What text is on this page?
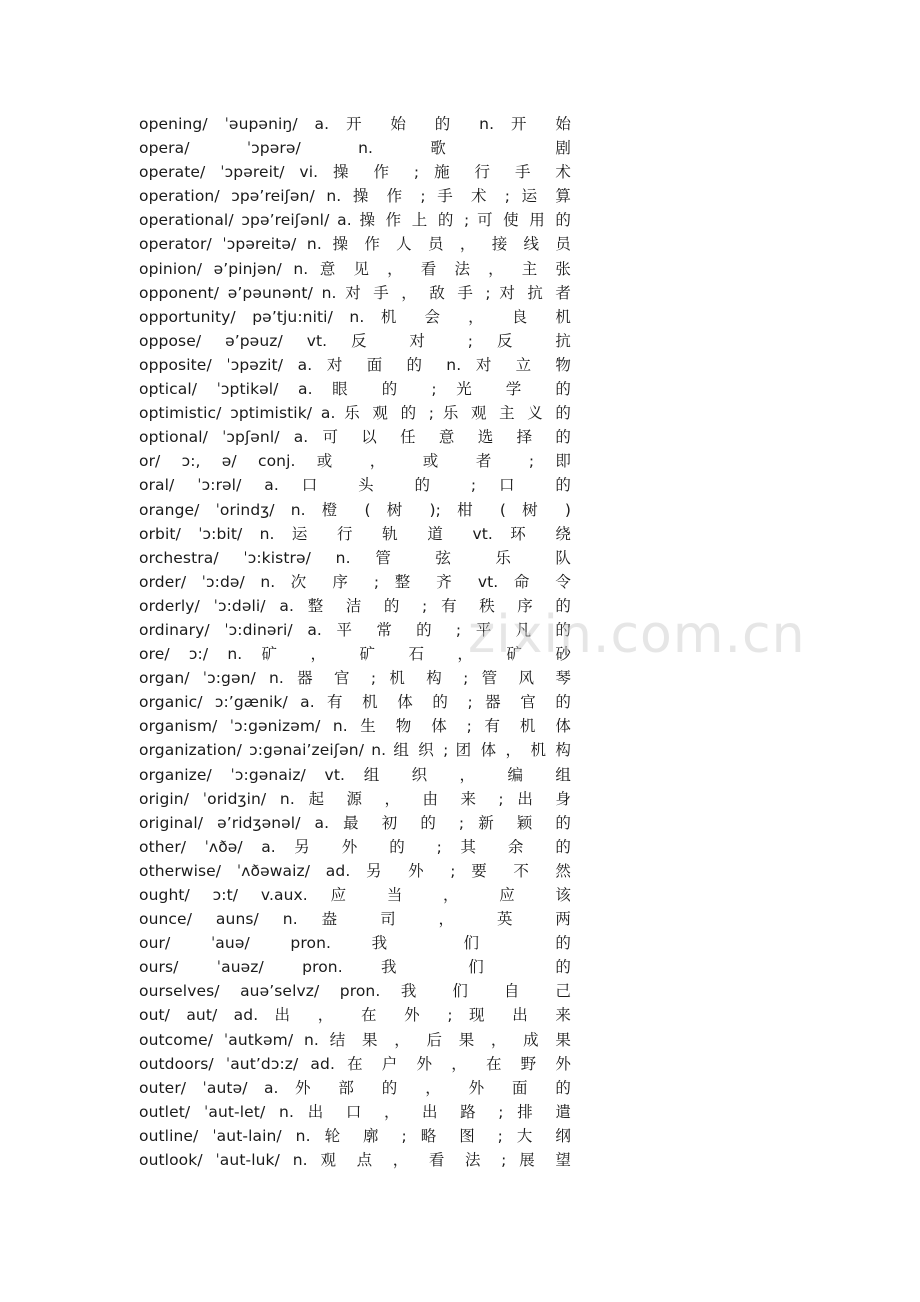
opening/ ˈəupəniŋ/ a. 开 始 的 n. 开 始
opera/ ˈɔpərə/ n. 歌 剧
operate/ ˈɔpəreit/ vi. 操 作 ; 施 行 手 术
operation/ ɔpə’reiʃən/ n. 操 作 ; 手 术 ; 运 算
operational/ ɔpə’reiʃənl/ a. 操 作 上 的 ; 可 使 用 的
operator/ ˈɔpəreitə/ n. 操 作 人 员 ， 接 线 员
opinion/ ə’pinjən/ n. 意 见 ， 看 法 ， 主 张
opponent/ ə’pəunənt/ n. 对 手 ， 敌 手 ; 对 抗 者
opportunity/ pə’tju:niti/ n. 机 会 ， 良 机
oppose/ ə’pəuz/ vt. 反 对 ; 反 抗
opposite/ ˈɔpəzit/ a. 对 面 的 n. 对 立 物
optical/ ˈɔptikəl/ a. 眼 的 ; 光 学 的
optimistic/ ɔptimistik/ a. 乐 观 的 ; 乐 观 主 义 的
optional/ ˈɔpʃənl/ a. 可 以 任 意 选 择 的
or/ ɔ:, ə/ conj. 或 ， 或 者 ; 即
oral/ ˈɔ:rəl/ a. 口 头 的 ; 口 的
orange/ ˈorindʒ/ n. 橙 ( 树 ); 柑 ( 树 )
orbit/ ˈɔ:bit/ n. 运 行 轨 道 vt. 环 绕
orchestra/ ˈɔ:kistrə/ n. 管 弦 乐 队
order/ ˈɔ:də/ n. 次 序 ; 整 齐 vt. 命 令
orderly/ ˈɔ:dəli/ a. 整 洁 的 ; 有 秩 序 的
ordinary/ ˈɔ:dinəri/ a. 平 常 的 ; 平 凡 的
ore/ ɔ:/ n. 矿 ， 矿 石 ， 矿 砂
organ/ ˈɔ:gən/ n. 器 官 ; 机 构 ; 管 风 琴
organic/ ɔ:’gænik/ a. 有 机 体 的 ; 器 官 的
organism/ ˈɔ:gənizəm/ n. 生 物 体 ; 有 机 体
organization/ ɔ:gənai’zeiʃən/ n. 组 织 ; 团 体 ， 机 构
organize/ ˈɔ:gənaiz/ vt. 组 织 ， 编 组
origin/ ˈoridʒin/ n. 起 源 ， 由 来 ; 出 身
original/ ə’ridʒənəl/ a. 最 初 的 ; 新 颖 的
other/ ˈʌðə/ a. 另 外 的 ; 其 余 的
otherwise/ ˈʌðəwaiz/ ad. 另 外 ; 要 不 然
ought/ ɔ:t/ v.aux. 应 当 ， 应 该
ounce/ auns/ n. 盎 司 ， 英 两
our/ ˈauə/ pron. 我 们 的
ours/ ˈauəz/ pron. 我 们 的
ourselves/ auə’selvz/ pron. 我 们 自 己
out/ aut/ ad. 出 ， 在 外 ; 现 出 来
outcome/ ˈautkəm/ n. 结 果 ， 后 果 ， 成 果
outdoors/ ˈaut’dɔ:z/ ad. 在 户 外 ， 在 野 外
outer/ ˈautə/ a. 外 部 的 ， 外 面 的
outlet/ ˈaut-let/ n. 出 口 ， 出 路 ; 排 遣
outline/ ˈaut-lain/ n. 轮 廓 ; 略 图 ; 大 纲
outlook/ ˈaut-luk/ n. 观 点 ， 看 法 ; 展 望
zixin.com.cn
